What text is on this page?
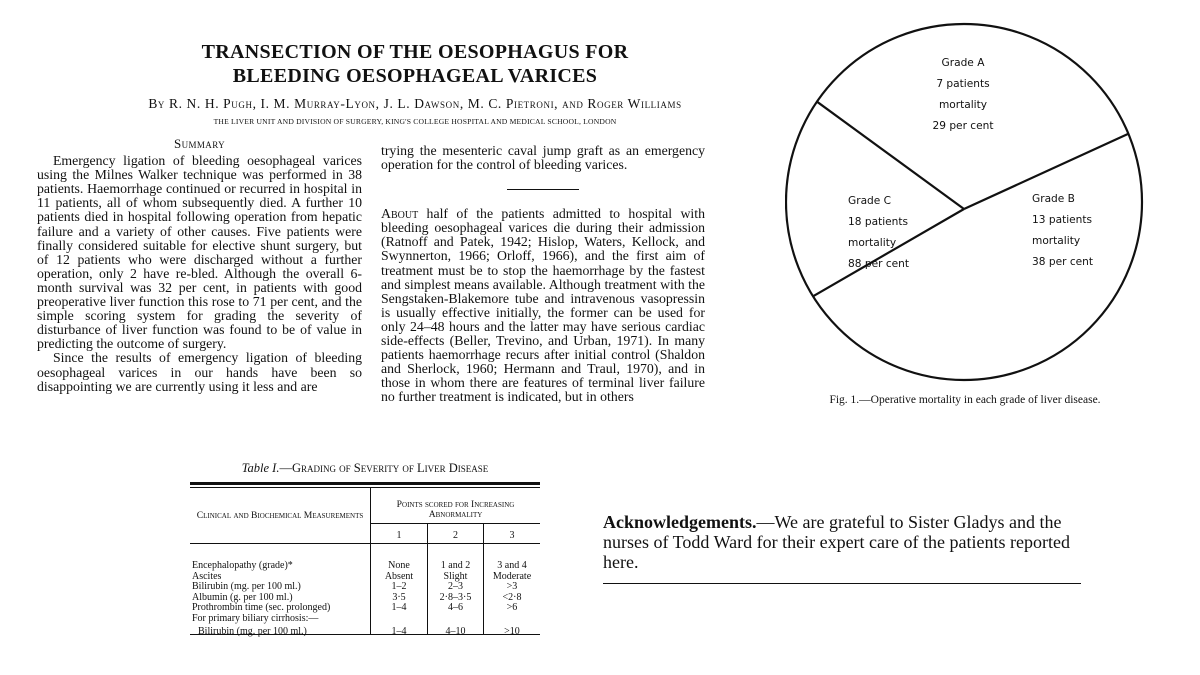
TRANSECTION OF THE OESOPHAGUS FOR
BLEEDING OESOPHAGEAL VARICES
By R. N. H. Pugh, I. M. Murray-Lyon, J. L. Dawson, M. C. Pietroni, and Roger Williams
THE LIVER UNIT AND DIVISION OF SURGERY, KING'S COLLEGE HOSPITAL AND MEDICAL SCHOOL, LONDON
Summary

Emergency ligation of bleeding oesophageal varices using the Milnes Walker technique was performed in 38 patients. Haemorrhage continued or recurred in hospital in 11 patients, all of whom subsequently died. A further 10 patients died in hospital following operation from hepatic failure and a variety of other causes. Five patients were finally considered suitable for elective shunt surgery, but of 12 patients who were discharged without a further operation, only 2 have re-bled. Although the overall 6-month survival was 32 per cent, in patients with good preoperative liver function this rose to 71 per cent, and the simple scoring system for grading the severity of disturbance of liver function was found to be of value in predicting the outcome of surgery.

Since the results of emergency ligation of bleeding oesophageal varices in our hands have been so disappointing we are currently using it less and are

trying the mesenteric caval jump graft as an emergency operation for the control of bleeding varices.

About half of the patients admitted to hospital with bleeding oesophageal varices die during their admission (Ratnoff and Patek, 1942; Hislop, Waters, Kellock, and Swynnerton, 1966; Orloff, 1966), and the first aim of treatment must be to stop the haemorrhage by the fastest and simplest means available. Although treatment with the Sengstaken-Blakemore tube and intravenous vasopressin is usually effective initially, the former can be used for only 24–48 hours and the latter may have serious cardiac side-effects (Beller, Trevino, and Urban, 1971). In many patients haemorrhage recurs after initial control (Shaldon and Sherlock, 1960; Hermann and Traul, 1970), and in those in whom there are features of terminal liver failure no further treatment is indicated, but in others

Grade A
7 patients
mortality
29 per cent
Grade B
13 patients
mortality
38 per cent
Grade C
18 patients
mortality
88 per cent
Fig. 1.—Operative mortality in each grade of liver disease.
Table I.—Grading of Severity of Liver Disease
Clinical and Biochemical Measurements
Points scored for Increasing Abnormality
1	2	3
Encephalopathy (grade)*
Ascites
Bilirubin (mg. per 100 ml.)
Albumin (g. per 100 ml.)
Prothrombin time (sec. prolonged)
For primary biliary cirrhosis:—
Bilirubin (mg. per 100 ml.)
None
Absent
1–2
3·5
1–4
1–4
1 and 2
Slight
2–3
2·8–3·5
4–6
4–10
3 and 4
Moderate
>3
<2·8
>6
>10
Acknowledgements.—We are grateful to Sister Gladys and the nurses of Todd Ward for their expert care of the patients reported here.
